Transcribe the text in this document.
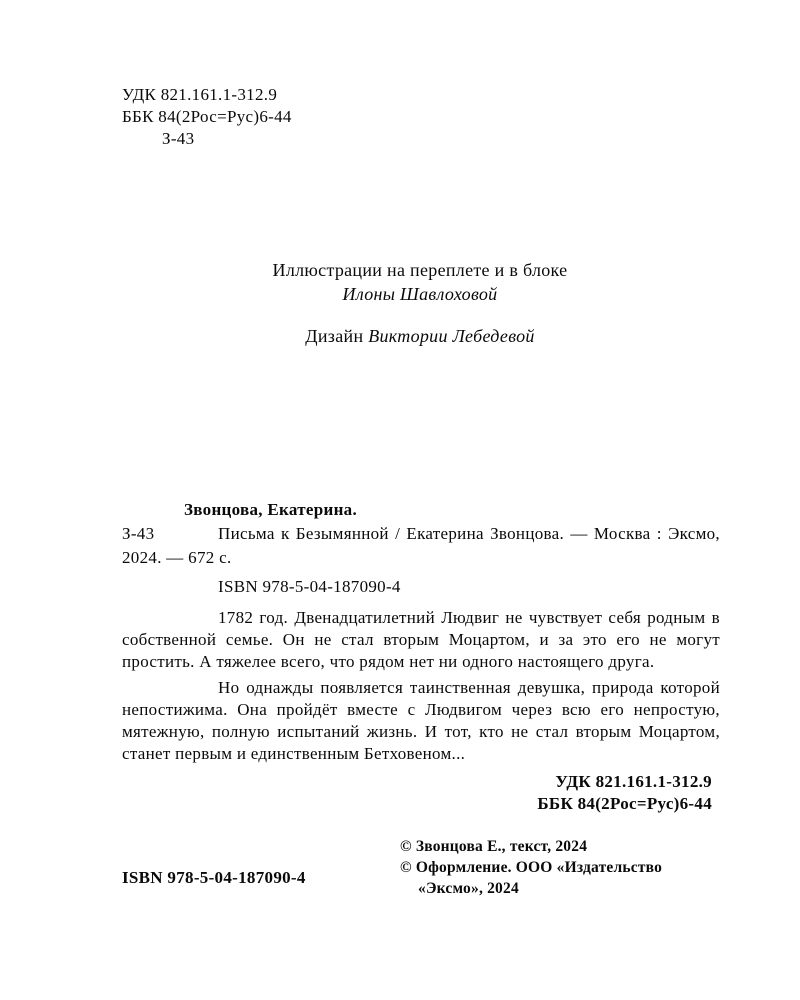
УДК 821.161.1-312.9
ББК 84(2Рос=Рус)6-44
З-43
Иллюстрации на переплете и в блоке
Илоны Шавлоховой
Дизайн Виктории Лебедевой

Звонцова, Екатерина.

З-43	Письма к Безымянной / Екатерина Звонцова. — Москва : Эксмо, 2024. — 672 с.

ISBN 978-5-04-187090-4

1782 год. Двенадцатилетний Людвиг не чувствует себя родным в собственной семье. Он не стал вторым Моцартом, и за это его не могут простить. А тяжелее всего, что рядом нет ни одного настоящего друга.

Но однажды появляется таинственная девушка, природа которой непостижима. Она пройдёт вместе с Людвигом через всю его непростую, мятежную, полную испытаний жизнь. И тот, кто не стал вторым Моцартом, станет первым и единственным Бетховеном...

УДК 821.161.1-312.9
ББК 84(2Рос=Рус)6-44
ISBN 978-5-04-187090-4
© Звонцова Е., текст, 2024
© Оформление. ООО «Издательство «Эксмо», 2024
